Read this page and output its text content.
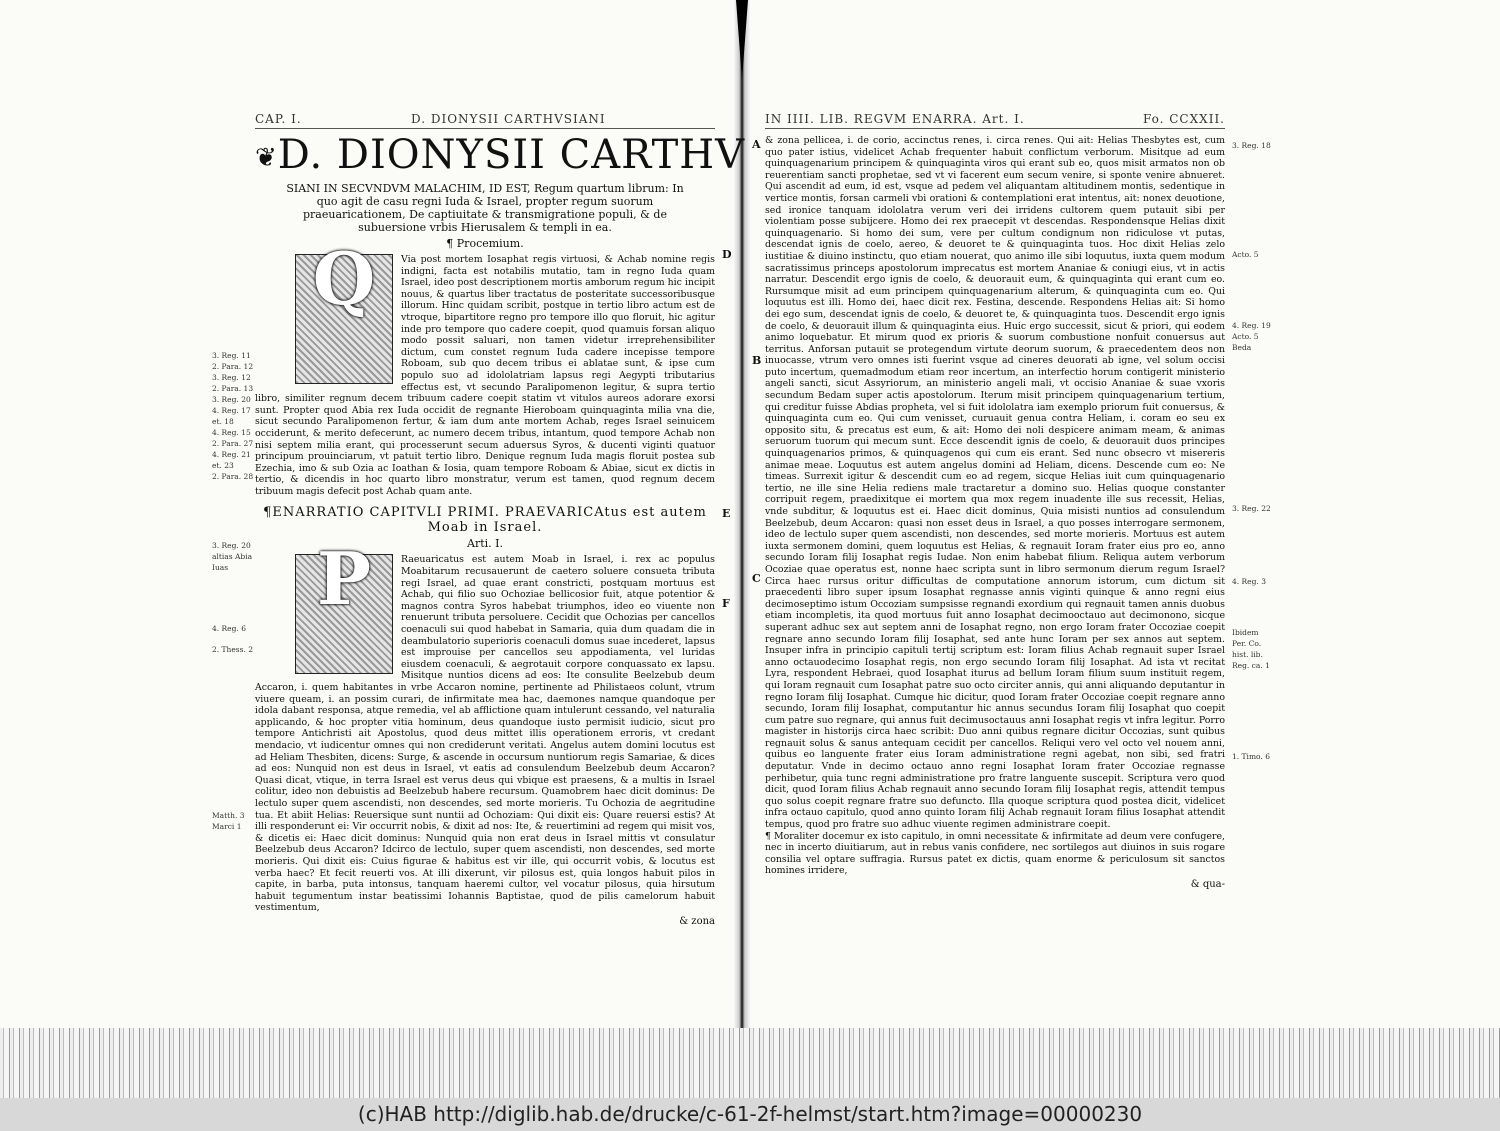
CAP. I.	D. DIONYSII CARTHVSIANI
❦D. DIONYSII CARTHV

SIANI IN SECVNDVM MALACHIM, ID EST, Regum quartum librum: In quo agit de casu regni Iuda & Israel, propter regum suorum praeuaricationem, De captiuitate & transmigratione populi, & de subuersione vrbis Hierusalem & templi in ea.

¶ Procemium.

Q	Via post mortem Iosaphat regis virtuosi, & Achab nomine regis indigni, facta est notabilis mutatio, tam in regno Iuda quam Israel, ideo post descriptionem mortis amborum regum hic incipit nouus, & quartus liber tractatus de posteritate successoribusque illorum. Hinc quidam scribit, postque in tertio libro actum est de vtroque, bipartitore regno pro tempore illo quo floruit, hic agitur inde pro tempore quo cadere coepit, quod quamuis forsan aliquo modo possit saluari, non tamen videtur irreprehensibiliter dictum, cum constet regnum Iuda cadere incepisse tempore Roboam, sub quo decem tribus ei ablatae sunt, & ipse cum populo suo ad idololatriam lapsus regi Aegypti tributarius effectus est, vt secundo Paralipomenon legitur, & supra tertio libro, similiter regnum decem tribuum cadere coepit statim vt vitulos aureos adorare exorsi sunt. Propter quod Abia rex Iuda occidit de regnante Hieroboam quinquaginta milia vna die, sicut secundo Paralipomenon fertur, & iam dum ante mortem Achab, reges Israel seinuicem occiderunt, & merito defecerunt, ac numero decem tribus, intantum, quod tempore Achab non nisi septem milia erant, qui processerunt secum aduersus Syros, & ducenti viginti quatuor principum prouinciarum, vt patuit tertio libro. Denique regnum Iuda magis floruit postea sub Ezechia, imo & sub Ozia ac Ioathan & Iosia, quam tempore Roboam & Abiae, sicut ex dictis in tertio, & dicendis in hoc quarto libro monstratur, verum est tamen, quod regnum decem tribuum magis defecit post Achab quam ante.

¶ENARRATIO CAPITVLI PRIMI. PRAEVARICAtus est autem Moab in Israel.
Arti. I.

P	Raeuaricatus est autem Moab in Israel, i. rex ac populus Moabitarum recusauerunt de caetero soluere consueta tributa regi Israel, ad quae erant constricti, postquam mortuus est Achab, qui filio suo Ochoziae bellicosior fuit, atque potentior & magnos contra Syros habebat triumphos, ideo eo viuente non renuerunt tributa persoluere. Cecidit que Ochozias per cancellos coenaculi sui quod habebat in Samaria, quia dum quadam die in deambulatorio superioris coenaculi domus suae incederet, lapsus est improuise per cancellos seu appodiamenta, vel luridas eiusdem coenaculi, & aegrotauit corpore conquassato ex lapsu. Misitque nuntios dicens ad eos: Ite consulite Beelzebub deum Accaron, i. quem habitantes in vrbe Accaron nomine, pertinente ad Philistaeos colunt, vtrum viuere queam, i. an possim curari, de infirmitate mea hac, daemones namque quandoque per idola dabant responsa, atque remedia, vel ab afflictione quam intulerunt cessando, vel naturalia applicando, & hoc propter vitia hominum, deus quandoque iusto permisit iudicio, sicut pro tempore Antichristi ait Apostolus, quod deus mittet illis operationem erroris, vt credant mendacio, vt iudicentur omnes qui non crediderunt veritati. Angelus autem domini locutus est ad Heliam Thesbiten, dicens: Surge, & ascende in occursum nuntiorum regis Samariae, & dices ad eos: Nunquid non est deus in Israel, vt eatis ad consulendum Beelzebub deum Accaron? Quasi dicat, vtique, in terra Israel est verus deus qui vbique est praesens, & a multis in Israel colitur, ideo non debuistis ad Beelzebub habere recursum. Quamobrem haec dicit dominus: De lectulo super quem ascendisti, non descendes, sed morte morieris. Tu Ochozia de aegritudine tua. Et abiit Helias: Reuersique sunt nuntii ad Ochoziam: Qui dixit eis: Quare reuersi estis? At illi responderunt ei: Vir occurrit nobis, & dixit ad nos: Ite, & reuertimini ad regem qui misit vos, & dicetis ei: Haec dicit dominus: Nunquid quia non erat deus in Israel mittis vt consulatur Beelzebub deus Accaron? Idcirco de lectulo, super quem ascendisti, non descendes, sed morte morieris. Qui dixit eis: Cuius figurae & habitus est vir ille, qui occurrit vobis, & locutus est verba haec? Et fecit reuerti vos. At illi dixerunt, vir pilosus est, quia longos habuit pilos in capite, in barba, puta intonsus, tanquam haeremi cultor, vel vocatur pilosus, quia hirsutum habuit tegumentum instar beatissimi Iohannis Baptistae, quod de pilis camelorum habuit vestimentum,

& zona
3. Reg. 11
2. Para. 12
3. Reg. 12
2. Para. 13
3. Reg. 20
4. Reg. 17
et. 18
4. Reg. 15
2. Para. 27
4. Reg. 21
et. 23
2. Para. 28
3. Reg. 20
altias Abia
Iuas
4. Reg. 6
2. Thess. 2
Matth. 3
Marci 1
D
E
F
IN IIII. LIB. REGVM ENARRA. Art. I.	Fo. CCXXII.

& zona pellicea, i. de corio, accinctus renes, i. circa renes. Qui ait: Helias Thesbytes est, cum quo pater istius, videlicet Achab frequenter habuit conflictum verborum. Misitque ad eum quinquagenarium principem & quinquaginta viros qui erant sub eo, quos misit armatos non ob reuerentiam sancti prophetae, sed vt vi facerent eum secum venire, si sponte venire abnueret. Qui ascendit ad eum, id est, vsque ad pedem vel aliquantam altitudinem montis, sedentique in vertice montis, forsan carmeli vbi orationi & contemplationi erat intentus, ait: nonex deuotione, sed ironice tanquam idololatra verum veri dei irridens cultorem quem putauit sibi per violentiam posse subijcere. Homo dei rex praecepit vt descendas. Respondensque Helias dixit quinquagenario. Si homo dei sum, vere per cultum condignum non ridiculose vt putas, descendat ignis de coelo, aereo, & deuoret te & quinquaginta tuos. Hoc dixit Helias zelo iustitiae & diuino instinctu, quo etiam nouerat, quo animo ille sibi loquutus, iuxta quem modum sacratissimus princeps apostolorum imprecatus est mortem Ananiae & coniugi eius, vt in actis narratur. Descendit ergo ignis de coelo, & deuorauit eum, & quinquaginta qui erant cum eo. Rursumque misit ad eum principem quinquagenarium alterum, & quinquaginta cum eo. Qui loquutus est illi. Homo dei, haec dicit rex. Festina, descende. Respondens Helias ait: Si homo dei ego sum, descendat ignis de coelo, & deuoret te, & quinquaginta tuos. Descendit ergo ignis de coelo, & deuorauit illum & quinquaginta eius. Huic ergo successit, sicut & priori, qui eodem animo loquebatur. Et mirum quod ex prioris & suorum combustione nonfuit conuersus aut territus. Anforsan putauit se protegendum virtute deorum suorum, & praecedentem deos non inuocasse, vtrum vero omnes isti fuerint vsque ad cineres deuorati ab igne, vel solum occisi puto incertum, quemadmodum etiam reor incertum, an interfectio horum contigerit ministerio angeli sancti, sicut Assyriorum, an ministerio angeli mali, vt occisio Ananiae & suae vxoris secundum Bedam super actis apostolorum. Iterum misit principem quinquagenarium tertium, qui creditur fuisse Abdias propheta, vel si fuit idololatra iam exemplo priorum fuit conuersus, & quinquaginta cum eo. Qui cum venisset, curuauit genua contra Heliam, i. coram eo seu ex opposito situ, & precatus est eum, & ait: Homo dei noli despicere animam meam, & animas seruorum tuorum qui mecum sunt. Ecce descendit ignis de coelo, & deuorauit duos principes quinquagenarios primos, & quinquagenos qui cum eis erant. Sed nunc obsecro vt misereris animae meae. Loquutus est autem angelus domini ad Heliam, dicens. Descende cum eo: Ne timeas. Surrexit igitur & descendit cum eo ad regem, sicque Helias iuit cum quinquagenario tertio, ne ille sine Helia rediens male tractaretur a domino suo. Helias quoque constanter corripuit regem, praedixitque ei mortem qua mox regem inuadente ille sus recessit, Helias, vnde subditur, & loquutus est ei. Haec dicit dominus, Quia misisti nuntios ad consulendum Beelzebub, deum Accaron: quasi non esset deus in Israel, a quo posses interrogare sermonem, ideo de lectulo super quem ascendisti, non descendes, sed morte morieris. Mortuus est autem iuxta sermonem domini, quem loquutus est Helias, & regnauit Ioram frater eius pro eo, anno secundo Ioram filij Iosaphat regis Iudae. Non enim habebat filium. Reliqua autem verborum Ocoziae quae operatus est, nonne haec scripta sunt in libro sermonum dierum regum Israel? Circa haec rursus oritur difficultas de computatione annorum istorum, cum dictum sit praecedenti libro super ipsum Iosaphat regnasse annis viginti quinque & anno regni eius decimoseptimo istum Occoziam sumpsisse regnandi exordium qui regnauit tamen annis duobus etiam incompletis, ita quod mortuus fuit anno Iosaphat decimooctauo aut decimonono, sicque superant adhuc sex aut septem anni de Iosaphat regno, non ergo Ioram frater Occoziae coepit regnare anno secundo Ioram filij Iosaphat, sed ante hunc Ioram per sex annos aut septem. Insuper infra in principio capituli tertij scriptum est: Ioram filius Achab regnauit super Israel anno octauodecimo Iosaphat regis, non ergo secundo Ioram filij Iosaphat. Ad ista vt recitat Lyra, respondent Hebraei, quod Iosaphat iturus ad bellum Ioram filium suum instituit regem, qui Ioram regnauit cum Iosaphat patre suo octo circiter annis, qui anni aliquando deputantur in regno Ioram filij Iosaphat. Cumque hic dicitur, quod Ioram frater Occoziae coepit regnare anno secundo, Ioram filij Iosaphat, computantur hic annus secundus Ioram filij Iosaphat quo coepit cum patre suo regnare, qui annus fuit decimusoctauus anni Iosaphat regis vt infra legitur. Porro magister in historijs circa haec scribit: Duo anni quibus regnare dicitur Occozias, sunt quibus regnauit solus & sanus antequam cecidit per cancellos. Reliqui vero vel octo vel nouem anni, quibus eo languente frater eius Ioram administratione regni agebat, non sibi, sed fratri deputatur. Vnde in decimo octauo anno regni Iosaphat Ioram frater Occoziae regnasse perhibetur, quia tunc regni administratione pro fratre languente suscepit. Scriptura vero quod dicit, quod Ioram filius Achab regnauit anno secundo Ioram filij Iosaphat regis, attendit tempus quo solus coepit regnare fratre suo defuncto. Illa quoque scriptura quod postea dicit, videlicet infra octauo capitulo, quod anno quinto Ioram filij Achab regnauit Ioram filius Iosaphat attendit tempus, quod pro fratre suo adhuc viuente regimen administrare coepit.

¶ Moraliter docemur ex isto capitulo, in omni necessitate & infirmitate ad deum vere confugere, nec in incerto diuitiarum, aut in rebus vanis confidere, nec sortilegos aut diuinos in suis rogare consilia vel optare suffragia. Rursus patet ex dictis, quam enorme & periculosum sit sanctos homines irridere,

& qua-
A
B
C
3. Reg. 18
Acto. 5
4. Reg. 19
Acto. 5
Beda
3. Reg. 22
4. Reg. 3
Ibidem
Per. Co.
hist. lib.
Reg. ca. 1
1. Timo. 6
(c)HAB http://diglib.hab.de/drucke/c-61-2f-helmst/start.htm?image=00000230
